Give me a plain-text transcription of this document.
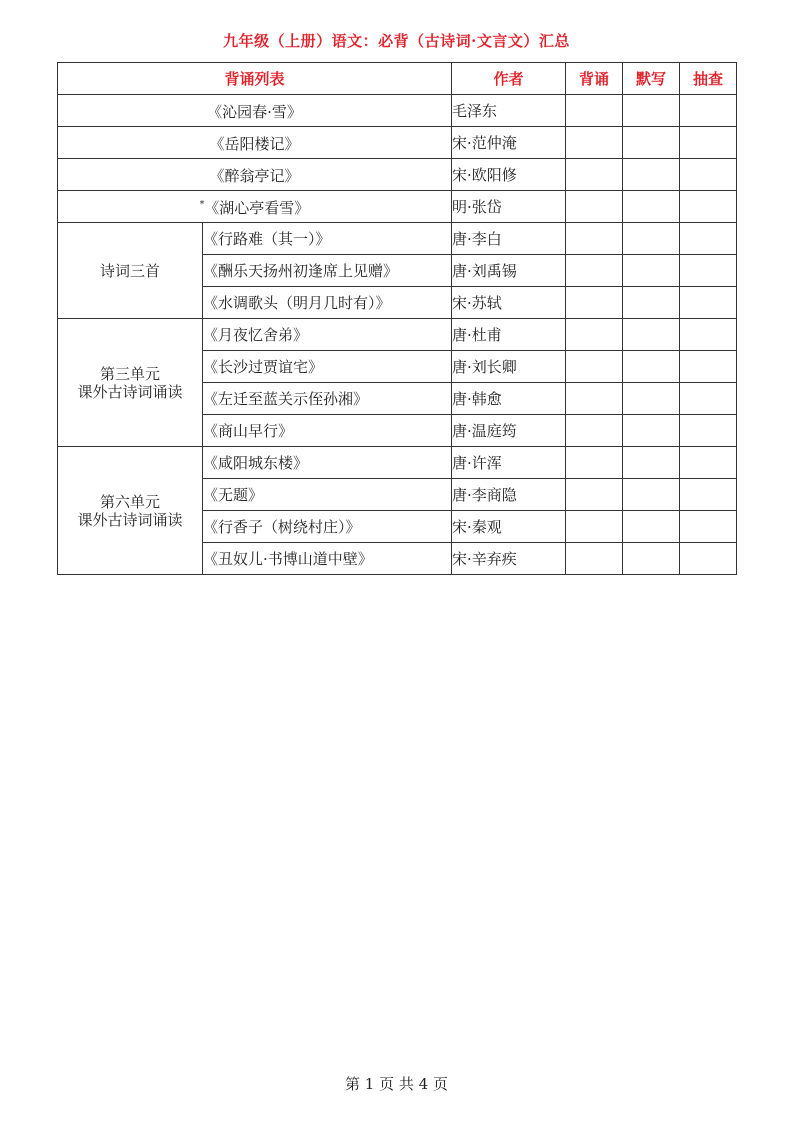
九年级（上册）语文：必背（古诗词·文言文）汇总
背诵列表		作者	背诵	默写	抽查
《沁园春·雪》		毛泽东			
《岳阳楼记》		宋·范仲淹			
《醉翁亭记》		宋·欧阳修			
*《湖心亭看雪》		明·张岱			

诗词三首	《行路难（其一）》	唐·李白			
	《酬乐天扬州初逢席上见赠》	唐·刘禹锡			
	《水调歌头（明月几时有）》	宋·苏轼			

第三单元
课外古诗词诵读	《月夜忆舍弟》	唐·杜甫			
	《长沙过贾谊宅》	唐·刘长卿			
	《左迁至蓝关示侄孙湘》	唐·韩愈			
	《商山早行》	唐·温庭筠			

第六单元
课外古诗词诵读	《咸阳城东楼》	唐·许浑			
	《无题》	唐·李商隐			
	《行香子（树绕村庄）》	宋·秦观			
	《丑奴儿·书博山道中壁》	宋·辛弃疾			
第 1 页 共 4 页
